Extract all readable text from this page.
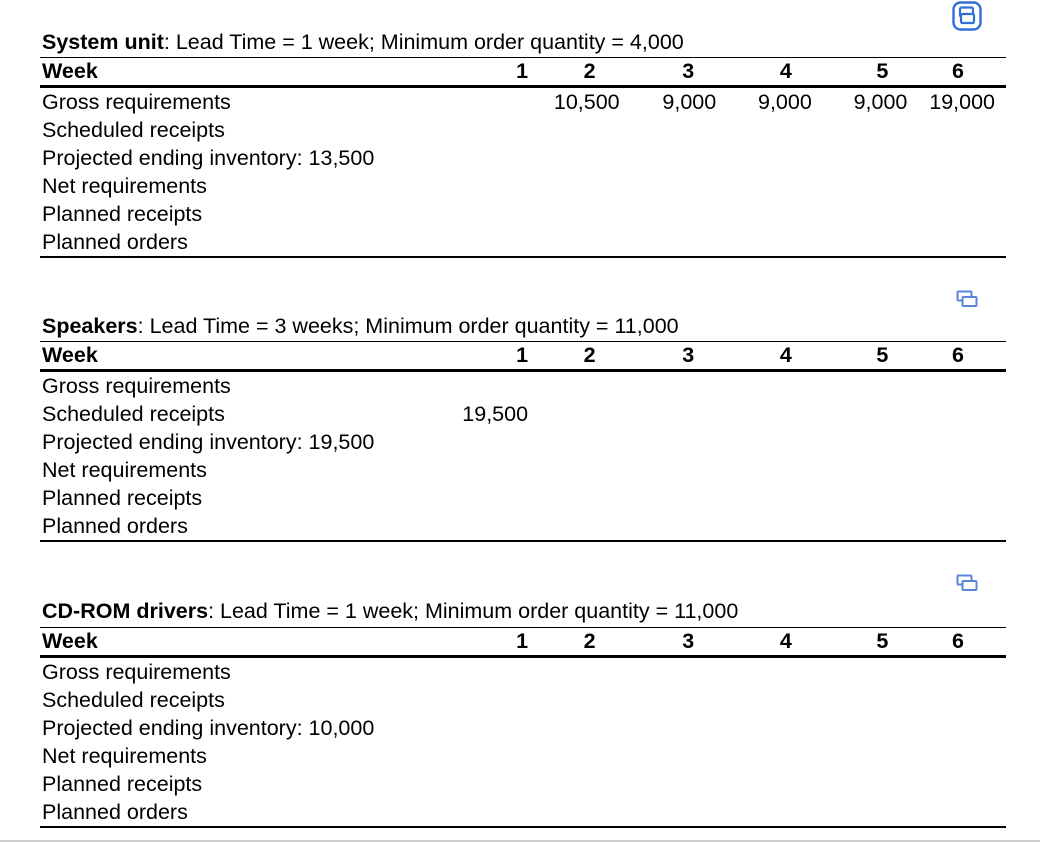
System unit: Lead Time = 1 week; Minimum order quantity = 4,000
Week	1	2	3	4	5	6
Gross requirements		10,500	9,000	9,000	9,000	19,000
Scheduled receipts						
Projected ending inventory: 13,500						
Net requirements						
Planned receipts						
Planned orders						
Speakers: Lead Time = 3 weeks; Minimum order quantity = 11,000
Week	1	2	3	4	5	6
Gross requirements						
Scheduled receipts	19,500					
Projected ending inventory: 19,500						
Net requirements						
Planned receipts						
Planned orders						
CD-ROM drivers: Lead Time = 1 week; Minimum order quantity = 11,000
Week	1	2	3	4	5	6
Gross requirements						
Scheduled receipts						
Projected ending inventory: 10,000						
Net requirements						
Planned receipts						
Planned orders						
